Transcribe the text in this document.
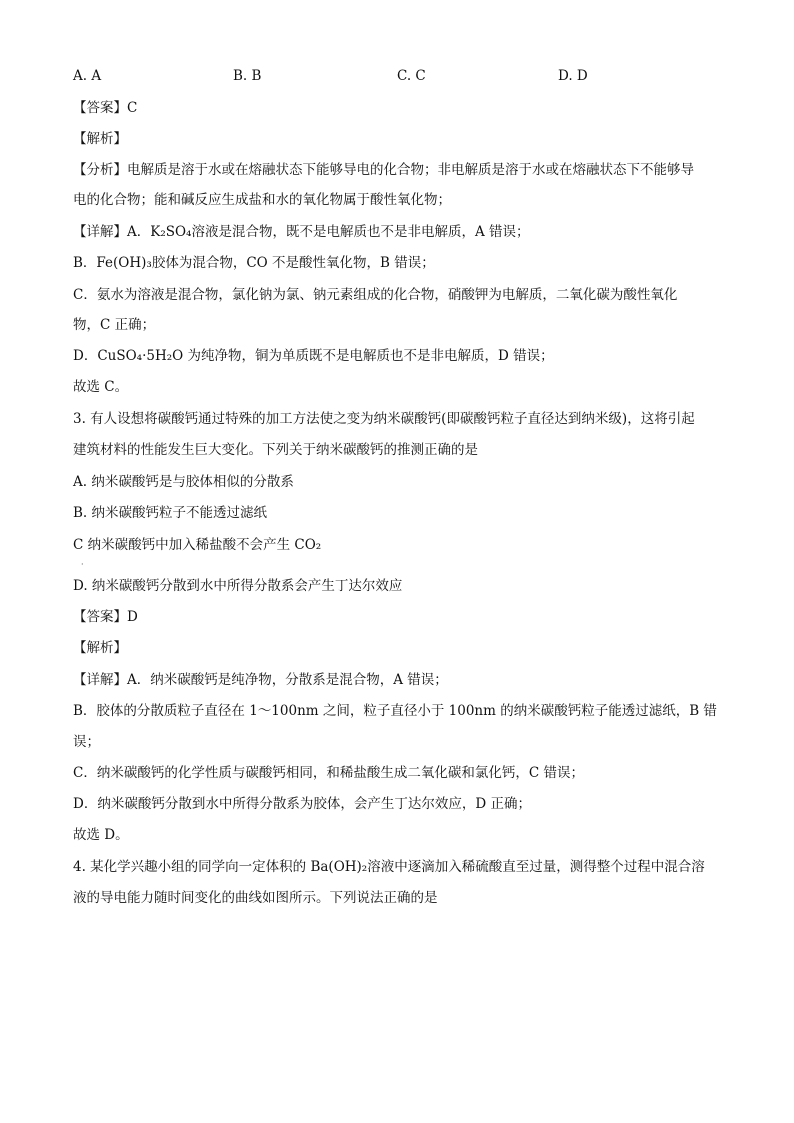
A. A	B. B	C. C	D. D
【答案】C
【解析】
【分析】电解质是溶于水或在熔融状态下能够导电的化合物；非电解质是溶于水或在熔融状态下不能够导
电的化合物；能和碱反应生成盐和水的氧化物属于酸性氧化物；
【详解】A．K₂SO₄溶液是混合物，既不是电解质也不是非电解质，A 错误；
B．Fe(OH)₃胶体为混合物，CO 不是酸性氧化物，B 错误；
C．氨水为溶液是混合物，氯化钠为氯、钠元素组成的化合物，硝酸钾为电解质，二氧化碳为酸性氧化
物，C 正确；
D．CuSO₄·5H₂O 为纯净物，铜为单质既不是电解质也不是非电解质，D 错误；
故选 C。
3. 有人设想将碳酸钙通过特殊的加工方法使之变为纳米碳酸钙(即碳酸钙粒子直径达到纳米级)，这将引起
建筑材料的性能发生巨大变化。下列关于纳米碳酸钙的推测正确的是
A. 纳米碳酸钙是与胶体相似的分散系
B. 纳米碳酸钙粒子不能透过滤纸
C 纳米碳酸钙中加入稀盐酸不会产生 CO₂
·
D. 纳米碳酸钙分散到水中所得分散系会产生丁达尔效应
【答案】D
【解析】
【详解】A．纳米碳酸钙是纯净物，分散系是混合物，A 错误；
B．胶体的分散质粒子直径在 1～100nm 之间，粒子直径小于 100nm 的纳米碳酸钙粒子能透过滤纸，B 错
误；
C．纳米碳酸钙的化学性质与碳酸钙相同，和稀盐酸生成二氧化碳和氯化钙，C 错误；
D．纳米碳酸钙分散到水中所得分散系为胶体，会产生丁达尔效应，D 正确；
故选 D。
4. 某化学兴趣小组的同学向一定体积的 Ba(OH)₂溶液中逐滴加入稀硫酸直至过量，测得整个过程中混合溶
液的导电能力随时间变化的曲线如图所示。下列说法正确的是
